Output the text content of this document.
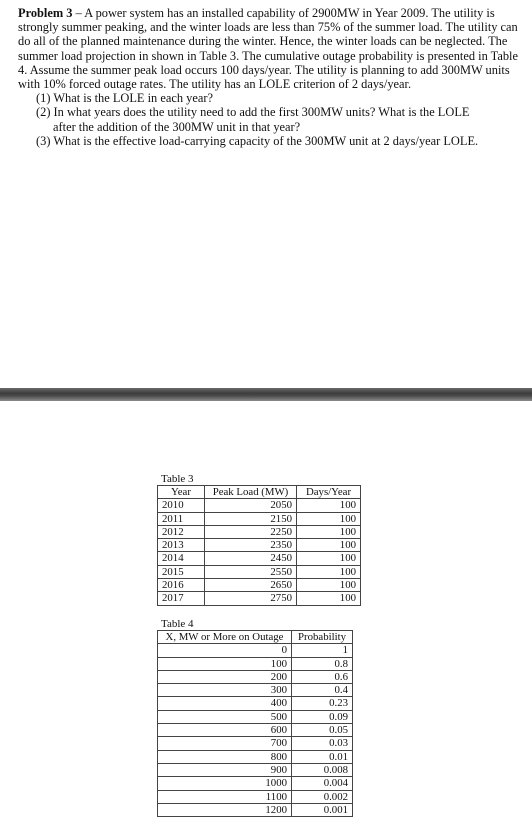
Problem 3 – A power system has an installed capability of 2900MW in Year 2009. The utility is strongly summer peaking, and the winter loads are less than 75% of the summer load. The utility can do all of the planned maintenance during the winter. Hence, the winter loads can be neglected. The summer load projection in shown in Table 3. The cumulative outage probability is presented in Table 4. Assume the summer peak load occurs 100 days/year. The utility is planning to add 300MW units with 10% forced outage rates. The utility has an LOLE criterion of 2 days/year.

(1) What is the LOLE in each year?
(2) In what years does the utility need to add the first 300MW units? What is the LOLE
after the addition of the 300MW unit in that year?
(3) What is the effective load-carrying capacity of the 300MW unit at 2 days/year LOLE.
Table 3
Year	Peak Load (MW)	Days/Year
2010	2050	100
2011	2150	100
2012	2250	100
2013	2350	100
2014	2450	100
2015	2550	100
2016	2650	100
2017	2750	100
Table 4
X, MW or More on Outage	Probability
0	1
100	0.8
200	0.6
300	0.4
400	0.23
500	0.09
600	0.05
700	0.03
800	0.01
900	0.008
1000	0.004
1100	0.002
1200	0.001
